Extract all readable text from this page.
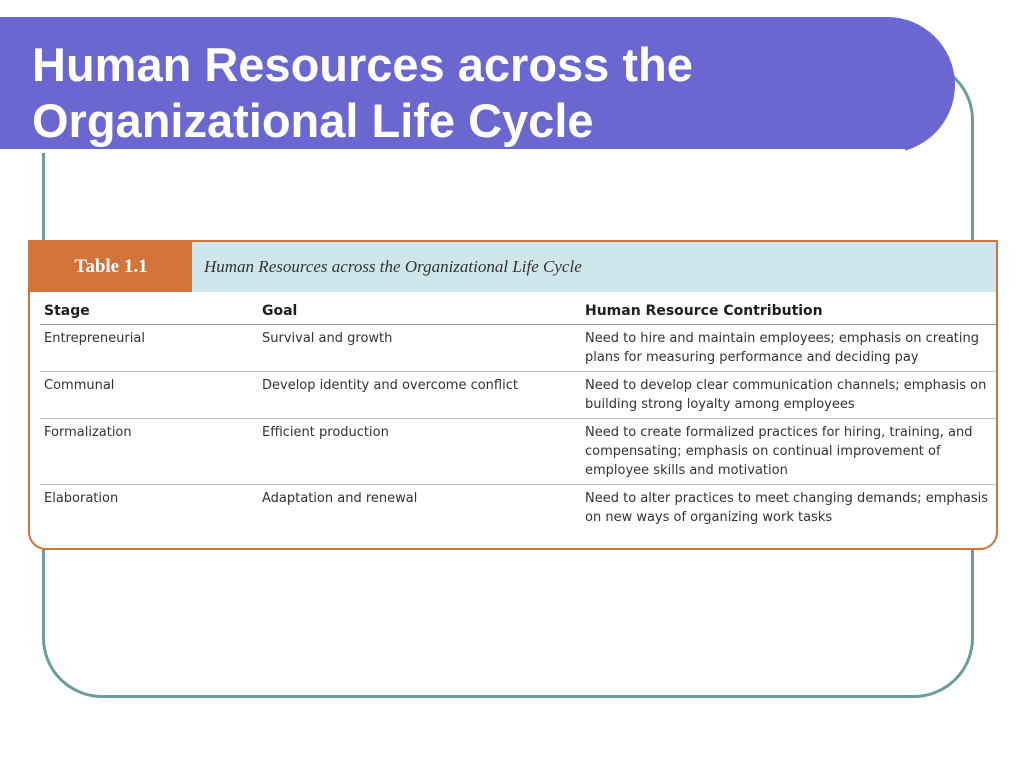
Human Resources across the
Organizational Life Cycle
Table 1.1	Human Resources across the Organizational Life Cycle
Stage	Goal	Human Resource Contribution
Entrepreneurial	Survival and growth	Need to hire and maintain employees; emphasis on creating plans for measuring performance and deciding pay
Communal	Develop identity and overcome conflict	Need to develop clear communication channels; emphasis on building strong loyalty among employees
Formalization	Efficient production	Need to create formalized practices for hiring, training, and compensating; emphasis on continual improvement of employee skills and motivation
Elaboration	Adaptation and renewal	Need to alter practices to meet changing demands; emphasis on new ways of organizing work tasks
